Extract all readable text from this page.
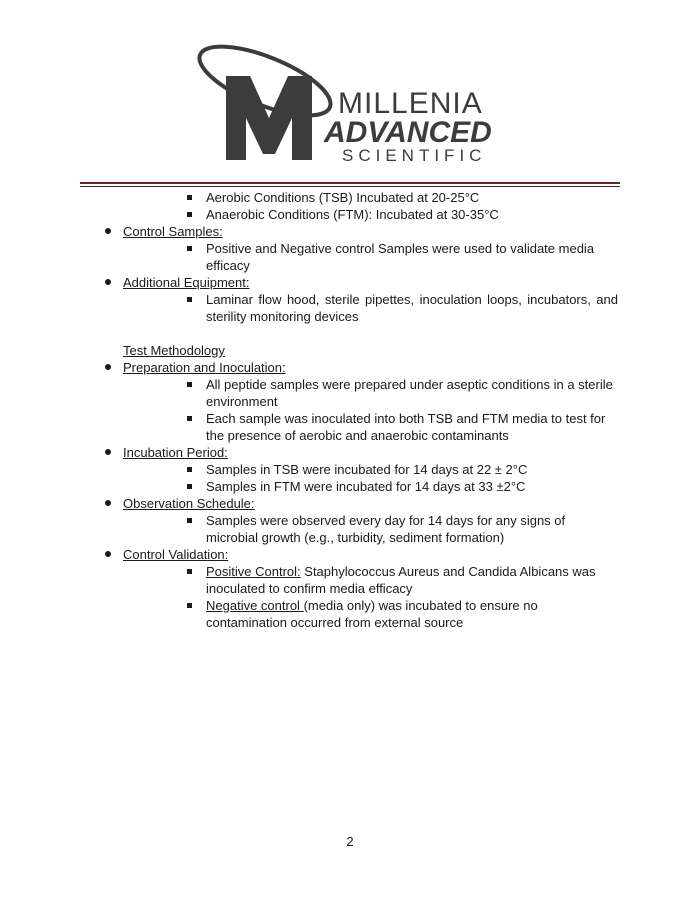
MILLENIA
ADVANCED
SCIENTIFIC
Aerobic Conditions (TSB) Incubated at 20-25°C
Anaerobic Conditions (FTM): Incubated at 30-35°C
Control Samples:
Positive and Negative control Samples were used to validate media efficacy
Additional Equipment:
Laminar flow hood, sterile pipettes, inoculation loops, incubators, and sterility monitoring devices
Test Methodology
Preparation and Inoculation:
All peptide samples were prepared under aseptic conditions in a sterile environment
Each sample was inoculated into both TSB and FTM media to test for the presence of aerobic and anaerobic contaminants
Incubation Period:
Samples in TSB were incubated for 14 days at 22 ± 2°C
Samples in FTM were incubated for 14 days at 33 ±2°C
Observation Schedule:
Samples were observed every day for 14 days for any signs of microbial growth (e.g., turbidity, sediment formation)
Control Validation:
Positive Control: Staphylococcus Aureus and Candida Albicans was inoculated to confirm media efficacy
Negative control (media only) was incubated to ensure no contamination occurred from external source
2
